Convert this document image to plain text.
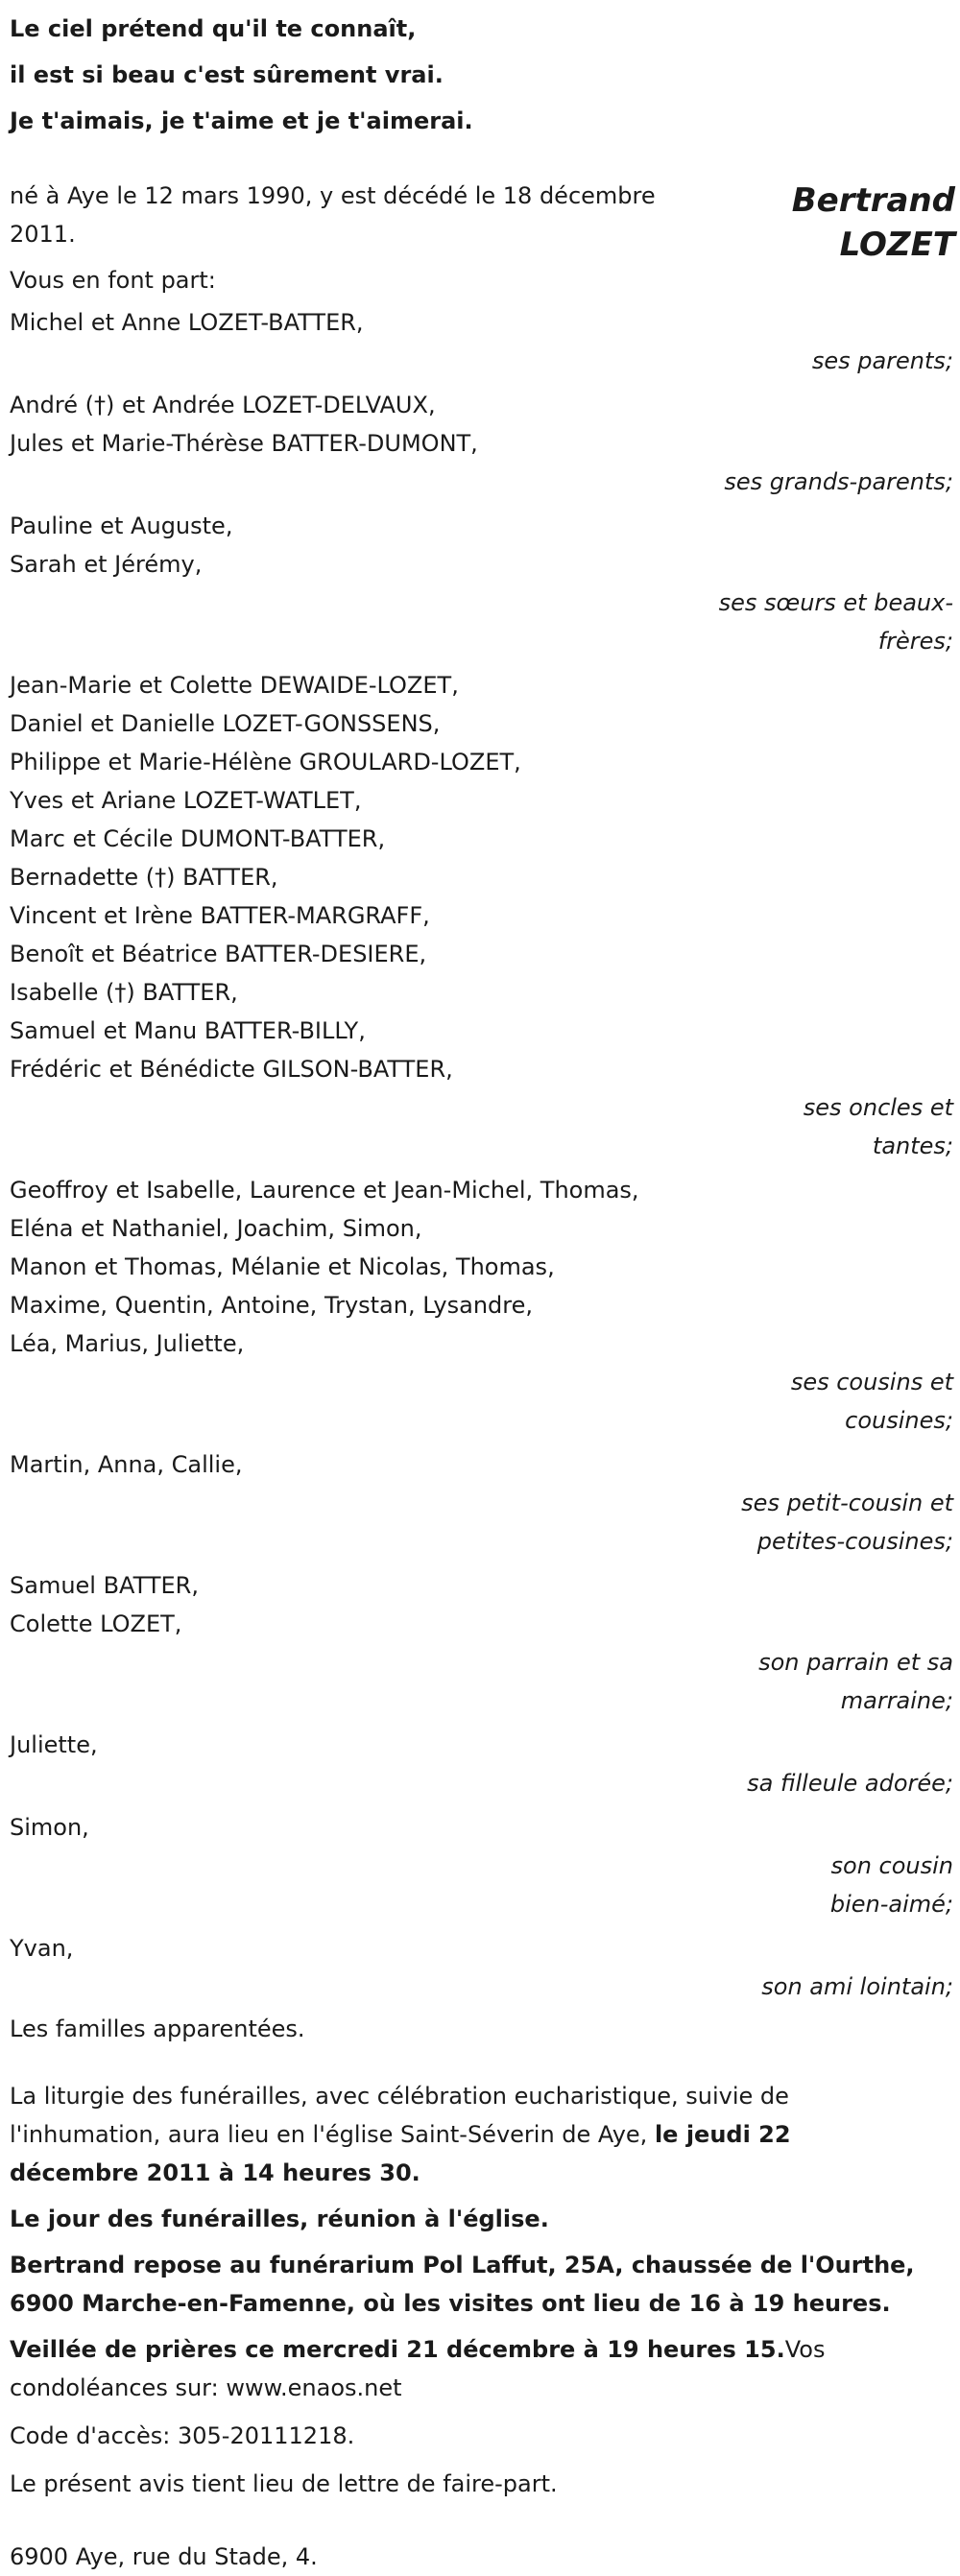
Le ciel prétend qu'il te connaît,
il est si beau c'est sûrement vrai.
Je t'aimais, je t'aime et je t'aimerai.
Bertrand
LOZET
né à Aye le 12 mars 1990, y est décédé le 18 décembre 2011.
Vous en font part:
Michel et Anne LOZET-BATTER,
ses parents;
André (†) et Andrée LOZET-DELVAUX,
Jules et Marie-Thérèse BATTER-DUMONT,
ses grands-parents;
Pauline et Auguste,
Sarah et Jérémy,
ses sœurs et beaux-
frères;
Jean-Marie et Colette DEWAIDE-LOZET,
Daniel et Danielle LOZET-GONSSENS,
Philippe et Marie-Hélène GROULARD-LOZET,
Yves et Ariane LOZET-WATLET,
Marc et Cécile DUMONT-BATTER,
Bernadette (†) BATTER,
Vincent et Irène BATTER-MARGRAFF,
Benoît et Béatrice BATTER-DESIERE,
Isabelle (†) BATTER,
Samuel et Manu BATTER-BILLY,
Frédéric et Bénédicte GILSON-BATTER,
ses oncles et
tantes;
Geoffroy et Isabelle, Laurence et Jean-Michel, Thomas,
Eléna et Nathaniel, Joachim, Simon,
Manon et Thomas, Mélanie et Nicolas, Thomas,
Maxime, Quentin, Antoine, Trystan, Lysandre,
Léa, Marius, Juliette,
ses cousins et
cousines;
Martin, Anna, Callie,
ses petit-cousin et
petites-cousines;
Samuel BATTER,
Colette LOZET,
son parrain et sa
marraine;
Juliette,
sa filleule adorée;
Simon,
son cousin
bien-aimé;
Yvan,
son ami lointain;
Les familles apparentées.
La liturgie des funérailles, avec célébration eucharistique, suivie de l'inhumation, aura lieu en l'église Saint-Séverin de Aye, le jeudi 22 décembre 2011 à 14 heures 30.
Le jour des funérailles, réunion à l'église.
Bertrand repose au funérarium Pol Laffut, 25A, chaussée de l'Ourthe, 6900 Marche-en-Famenne, où les visites ont lieu de 16 à 19 heures.
Veillée de prières ce mercredi 21 décembre à 19 heures 15.Vos condoléances sur: www.enaos.net
Code d'accès: 305-20111218.
Le présent avis tient lieu de lettre de faire-part.
6900 Aye, rue du Stade, 4.
